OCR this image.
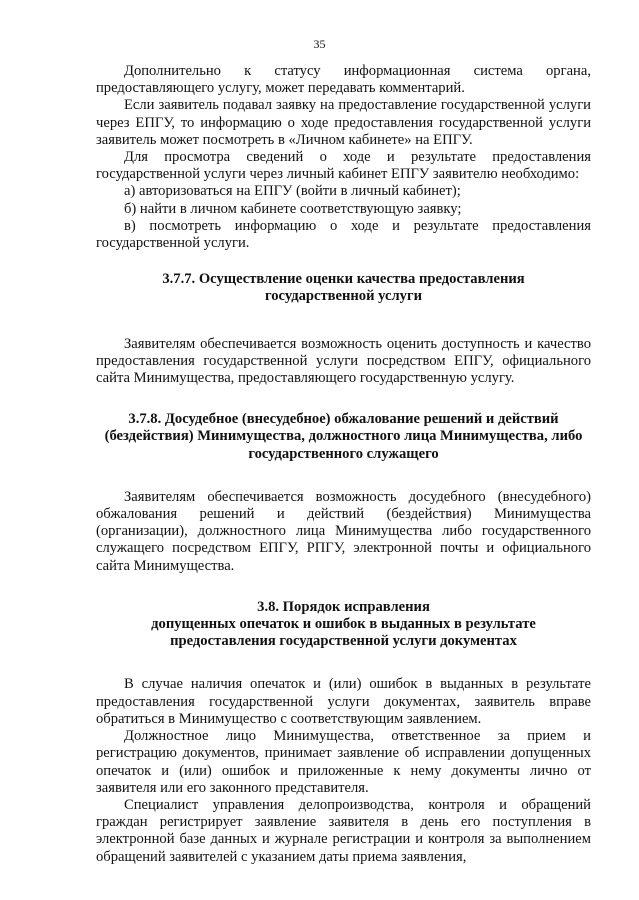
35

Дополнительно к статусу информационная система органа, предоставляющего услугу, может передавать комментарий.

Если заявитель подавал заявку на предоставление государственной услуги через ЕПГУ, то информацию о ходе предоставления государственной услуги заявитель может посмотреть в «Личном кабинете» на ЕПГУ.

Для просмотра сведений о ходе и результате предоставления государственной услуги через личный кабинет ЕПГУ заявителю необходимо:

а) авторизоваться на ЕПГУ (войти в личный кабинет);

б) найти в личном кабинете соответствующую заявку;

в) посмотреть информацию о ходе и результате предоставления государственной услуги.

3.7.7. Осуществление оценки качества предоставления
государственной услуги

Заявителям обеспечивается возможность оценить доступность и качество предоставления государственной услуги посредством ЕПГУ, официального сайта Минимущества, предоставляющего государственную услугу.

3.7.8. Досудебное (внесудебное) обжалование решений и действий
(бездействия) Минимущества, должностного лица Минимущества, либо
государственного служащего

Заявителям обеспечивается возможность досудебного (внесудебного) обжалования решений и действий (бездействия) Минимущества (организации), должностного лица Минимущества либо государственного служащего посредством ЕПГУ, РПГУ, электронной почты и официального сайта Минимущества.

3.8. Порядок исправления
допущенных опечаток и ошибок в выданных в результате
предоставления государственной услуги документах

В случае наличия опечаток и (или) ошибок в выданных в результате предоставления государственной услуги документах, заявитель вправе обратиться в Минимущество с соответствующим заявлением.

Должностное лицо Минимущества, ответственное за прием и регистрацию документов, принимает заявление об исправлении допущенных опечаток и (или) ошибок и приложенные к нему документы лично от заявителя или его законного представителя.

Специалист управления делопроизводства, контроля и обращений граждан регистрирует заявление заявителя в день его поступления в электронной базе данных и журнале регистрации и контроля за выполнением обращений заявителей с указанием даты приема заявления,
